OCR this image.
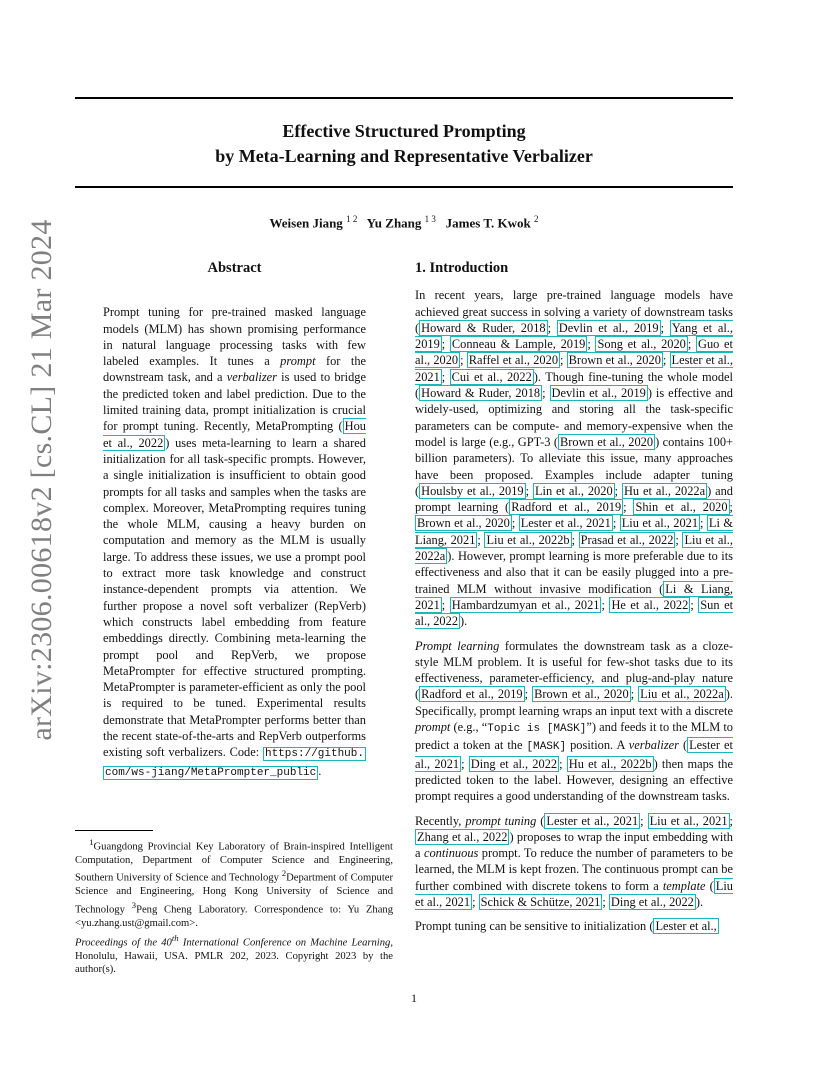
Effective Structured Prompting
by Meta-Learning and Representative Verbalizer
Weisen Jiang $^{1 2}$ Yu Zhang $^{1 3}$ James T. Kwok $^2$
arXiv:2306.00618v2 [cs.CL] 21 Mar 2024	Abstract

Prompt tuning for pre-trained masked language models (MLM) has shown promising performance in natural language processing tasks with few labeled examples. It tunes a prompt for the downstream task, and a verbalizer is used to bridge the predicted token and label prediction. Due to the limited training data, prompt initialization is crucial for prompt tuning. Recently, MetaPrompting ( Hou et al., 2022 ) uses meta-learning to learn a shared initialization for all task-specific prompts. However, a single initialization is insufficient to obtain good prompts for all tasks and samples when the tasks are complex. Moreover, MetaPrompting requires tuning the whole MLM, causing a heavy burden on computation and memory as the MLM is usually large. To address these issues, we use a prompt pool to extract more task knowledge and construct instance-dependent prompts via attention. We further propose a novel soft verbalizer (RepVerb) which constructs label embedding from feature embeddings directly. Combining meta-learning the prompt pool and RepVerb, we propose MetaPrompter for effective structured prompting. MetaPrompter is parameter-efficient as only the pool is required to be tuned. Experimental results demonstrate that MetaPrompter performs better than the recent state-of-the-arts and RepVerb outperforms existing soft verbalizers. Code: https://github. com/ws-jiang/MetaPrompter_public .

$^1$Guangdong Provincial Key Laboratory of Brain-inspired Intelligent Computation, Department of Computer Science and Engineering, Southern University of Science and Technology $^2$Department of Computer Science and Engineering, Hong Kong University of Science and Technology $^3$Peng Cheng Laboratory. Correspondence to: Yu Zhang <yu.zhang.ust@gmail.com>.

Proceedings of the 40th International Conference on Machine Learning, Honolulu, Hawaii, USA. PMLR 202, 2023. Copyright 2023 by the author(s).
1. Introduction

In recent years, large pre-trained language models have achieved great success in solving a variety of downstream tasks ( Howard & Ruder, 2018 ; Devlin et al., 2019 ; Yang et al., 2019 ; Conneau & Lample, 2019 ; Song et al., 2020 ; Guo et al., 2020 ; Raffel et al., 2020 ; Brown et al., 2020 ; Lester et al., 2021 ; Cui et al., 2022 ). Though fine-tuning the whole model ( Howard & Ruder, 2018 ; Devlin et al., 2019 ) is effective and widely-used, optimizing and storing all the task-specific parameters can be compute- and memory-expensive when the model is large (e.g., GPT-3 ( Brown et al., 2020 ) contains 100+ billion parameters). To alleviate this issue, many approaches have been proposed. Examples include adapter tuning ( Houlsby et al., 2019 ; Lin et al., 2020 ; Hu et al., 2022a ) and prompt learning ( Radford et al., 2019 ; Shin et al., 2020 ; Brown et al., 2020 ; Lester et al., 2021 ; Liu et al., 2021 ; Li & Liang, 2021 ; Liu et al., 2022b ; Prasad et al., 2022 ; Liu et al., 2022a ). However, prompt learning is more preferable due to its effectiveness and also that it can be easily plugged into a pre-trained MLM without invasive modification ( Li & Liang, 2021 ; Hambardzumyan et al., 2021 ; He et al., 2022 ; Sun et al., 2022 ).

Prompt learning formulates the downstream task as a cloze-style MLM problem. It is useful for few-shot tasks due to its effectiveness, parameter-efficiency, and plug-and-play nature ( Radford et al., 2019 ; Brown et al., 2020 ; Liu et al., 2022a ). Specifically, prompt learning wraps an input text with a discrete prompt (e.g., “Topic is [MASK]”) and feeds it to the MLM to predict a token at the [MASK] position. A verbalizer ( Lester et al., 2021 ; Ding et al., 2022 ; Hu et al., 2022b ) then maps the predicted token to the label. However, designing an effective prompt requires a good understanding of the downstream tasks.

Recently, prompt tuning ( Lester et al., 2021 ; Liu et al., 2021 ; Zhang et al., 2022 ) proposes to wrap the input embedding with a continuous prompt. To reduce the number of parameters to be learned, the MLM is kept frozen. The continuous prompt can be further combined with discrete tokens to form a template ( Liu et al., 2021 ; Schick & Schütze, 2021 ; Ding et al., 2022 ).

Prompt tuning can be sensitive to initialization ( Lester et al.,

1
